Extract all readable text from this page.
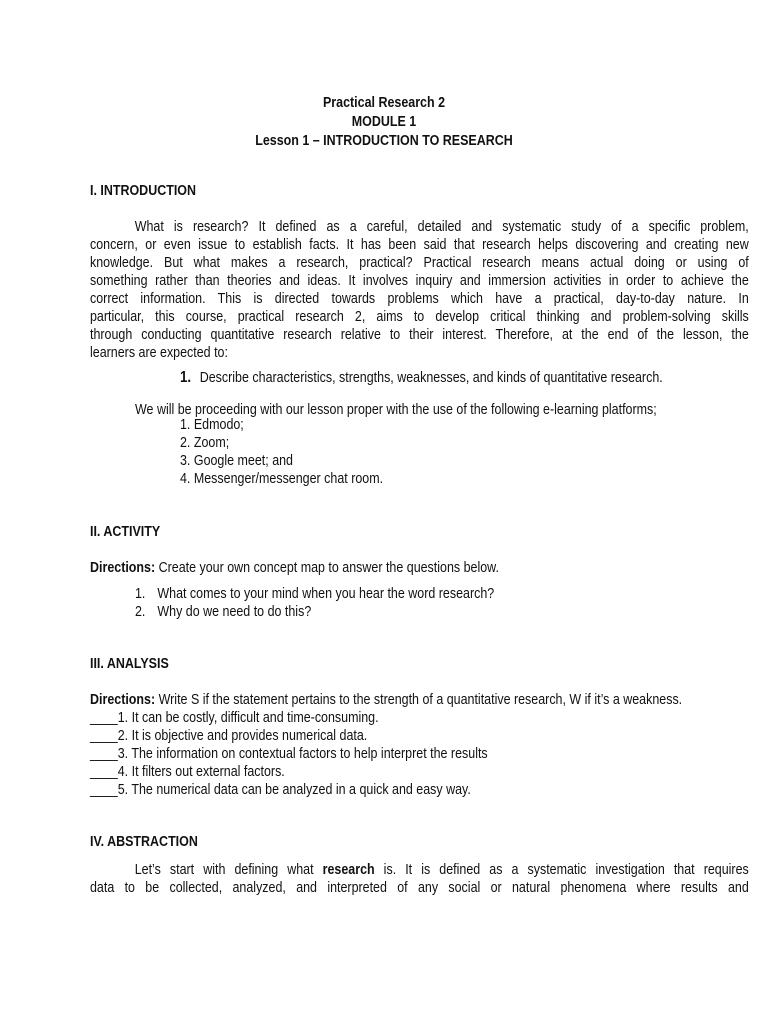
Practical Research 2
MODULE 1
Lesson 1 – INTRODUCTION TO RESEARCH
I. INTRODUCTION
What is research? It defined as a careful, detailed and systematic study of a specific problem,
concern, or even issue to establish facts. It has been said that research helps discovering and creating new
knowledge. But what makes a research, practical? Practical research means actual doing or using of
something rather than theories and ideas. It involves inquiry and immersion activities in order to achieve the
correct information. This is directed towards problems which have a practical, day-to-day nature. In
particular, this course, practical research 2, aims to develop critical thinking and problem-solving skills
through conducting quantitative research relative to their interest. Therefore, at the end of the lesson, the
learners are expected to:
1. Describe characteristics, strengths, weaknesses, and kinds of quantitative research.
We will be proceeding with our lesson proper with the use of the following e-learning platforms;
1. Edmodo;
2. Zoom;
3. Google meet; and
4. Messenger/messenger chat room.
II. ACTIVITY
Directions: Create your own concept map to answer the questions below.
1. What comes to your mind when you hear the word research?
2. Why do we need to do this?
III. ANALYSIS
Directions: Write S if the statement pertains to the strength of a quantitative research, W if it’s a weakness.
____1. It can be costly, difficult and time-consuming.
____2. It is objective and provides numerical data.
____3. The information on contextual factors to help interpret the results
____4. It filters out external factors.
____5. The numerical data can be analyzed in a quick and easy way.
IV. ABSTRACTION
Let’s start with defining what research is. It is defined as a systematic investigation that requires
data to be collected, analyzed, and interpreted of any social or natural phenomena where results and
